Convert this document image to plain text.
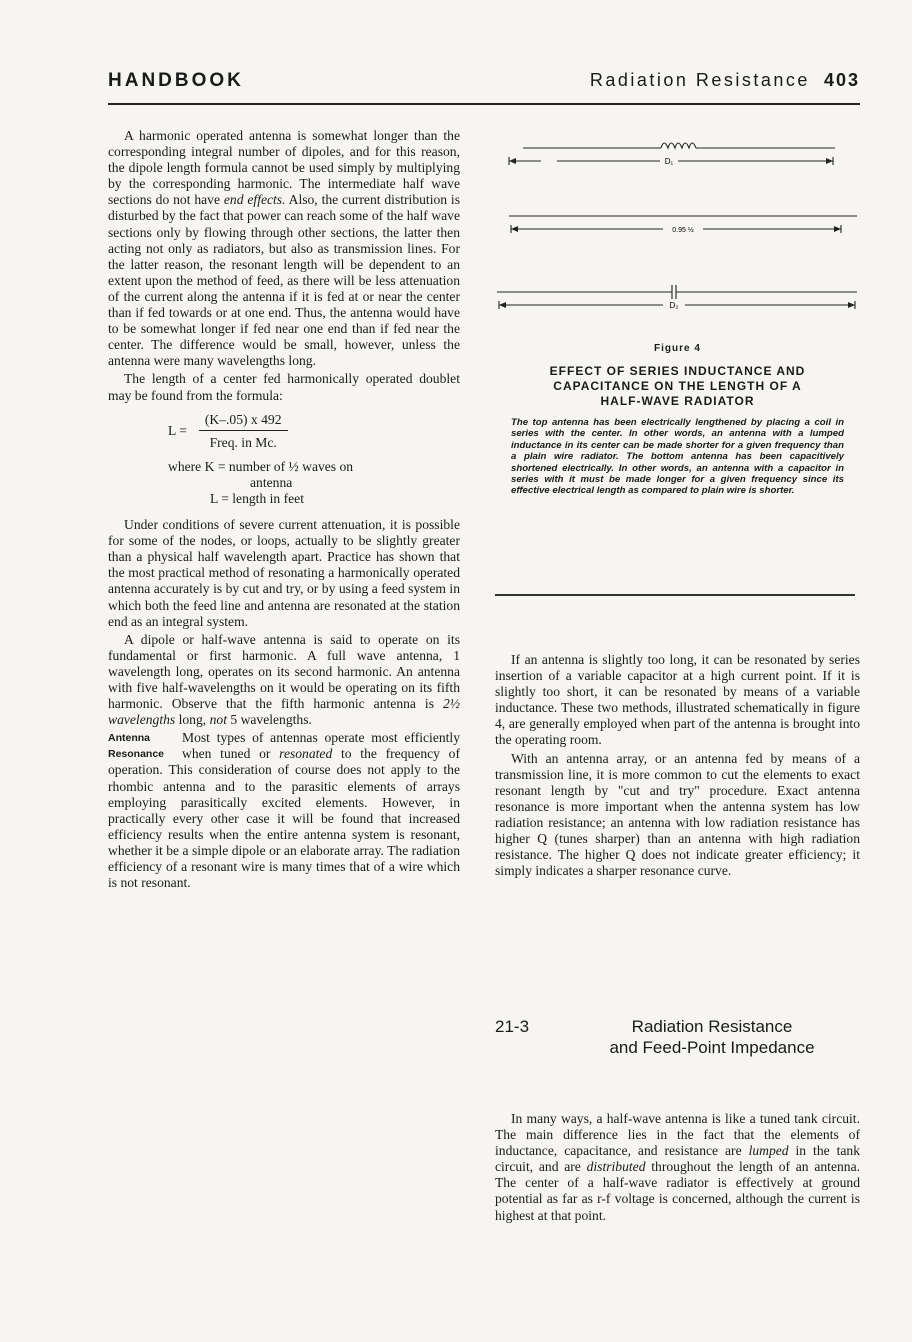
HANDBOOK	Radiation Resistance 403

A harmonic operated antenna is somewhat longer than the corresponding integral number of dipoles, and for this reason, the dipole length formula cannot be used simply by multiplying by the corresponding harmonic. The intermediate half wave sections do not have end effects. Also, the current distribution is disturbed by the fact that power can reach some of the half wave sections only by flowing through other sections, the latter then acting not only as radiators, but also as transmission lines. For the latter reason, the resonant length will be dependent to an extent upon the method of feed, as there will be less attenuation of the current along the antenna if it is fed at or near the center than if fed towards or at one end. Thus, the antenna would have to be somewhat longer if fed near one end than if fed near the center. The difference would be small, however, unless the antenna were many wavelengths long.

The length of a center fed harmonically operated doublet may be found from the formula:

$L = \frac{(K-.05) x 492}{\text{Freq. in Mc.}}$
where K = number of ½ waves on
antenna
L = length in feet

Under conditions of severe current attenuation, it is possible for some of the nodes, or loops, actually to be slightly greater than a physical half wavelength apart. Practice has shown that the most practical method of resonating a harmonically operated antenna accurately is by cut and try, or by using a feed system in which both the feed line and antenna are resonated at the station end as an integral system.

A dipole or half-wave antenna is said to operate on its fundamental or first harmonic. A full wave antenna, 1 wavelength long, operates on its second harmonic. An antenna with five half-wavelengths on it would be operating on its fifth harmonic. Observe that the fifth harmonic antenna is 2½ wavelengths long, not 5 wavelengths.

Antenna
Resonance
Most types of antennas operate most efficiently when tuned or resonated to the frequency of operation. This consideration of course does not apply to the rhombic antenna and to the parasitic elements of arrays employing parasitically excited elements. However, in practically every other case it will be found that increased efficiency results when the entire antenna system is resonant, whether it be a simple dipole or an elaborate array. The radiation efficiency of a resonant wire is many times that of a wire which is not resonant.

D₁
0.95 ½
D₂
Figure 4
EFFECT OF SERIES INDUCTANCE AND
CAPACITANCE ON THE LENGTH OF A
HALF-WAVE RADIATOR
The top antenna has been electrically lengthened by placing a coil in series with the center. In other words, an antenna with a lumped inductance in its center can be made shorter for a given frequency than a plain wire radiator. The bottom antenna has been capacitively shortened electrically. In other words, an antenna with a capacitor in series with it must be made longer for a given frequency since its effective electrical length as compared to plain wire is shorter.

If an antenna is slightly too long, it can be resonated by series insertion of a variable capacitor at a high current point. If it is slightly too short, it can be resonated by means of a variable inductance. These two methods, illustrated schematically in figure 4, are generally employed when part of the antenna is brought into the operating room.

With an antenna array, or an antenna fed by means of a transmission line, it is more common to cut the elements to exact resonant length by "cut and try" procedure. Exact antenna resonance is more important when the antenna system has low radiation resistance; an antenna with low radiation resistance has higher Q (tunes sharper) than an antenna with high radiation resistance. The higher Q does not indicate greater efficiency; it simply indicates a sharper resonance curve.

21-3	Radiation Resistance
and Feed-Point Impedance

In many ways, a half-wave antenna is like a tuned tank circuit. The main difference lies in the fact that the elements of inductance, capacitance, and resistance are lumped in the tank circuit, and are distributed throughout the length of an antenna. The center of a half-wave radiator is effectively at ground potential as far as r-f voltage is concerned, although the current is highest at that point.
